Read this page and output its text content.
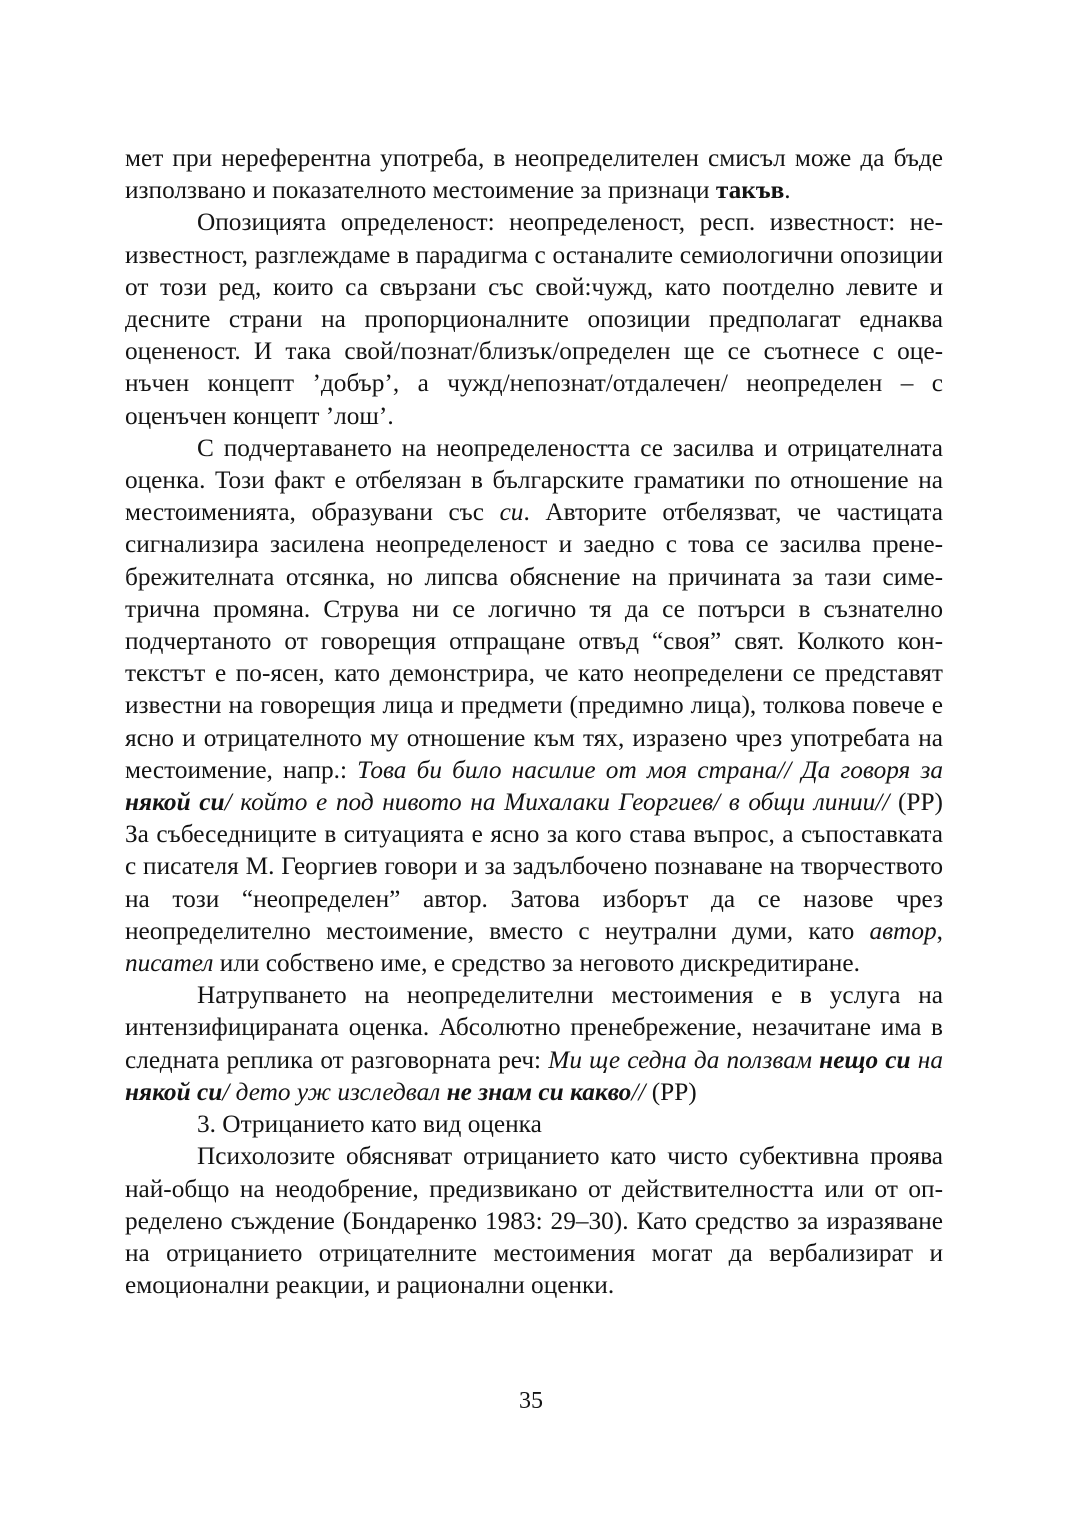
мет при нереферентна употреба, в неопределителен смисъл може да бъде използвано и показателното местоимение за признаци такъв.

Опозицията определеност: неопределеност, респ. известност: неизвестност, разглеждаме в парадигма с останалите семиологични опозиции от този ред, които са свързани със свой:чужд, като поотделно левите и десните страни на пропорционалните опозиции предполагат еднаква оцененост. И така свой/познат/близък/определен ще се съотнесе с оценъчен концепт ’добър’, а чужд/непознат/отдалечен/ неопределен – с оценъчен концепт ’лош’.

С подчертаването на неопределеността се засилва и отрицателната оценка. Този факт е отбелязан в българските граматики по отношение на местоименията, образувани със си. Авторите отбелязват, че частицата сигнализира засилена неопределеност и заедно с това се засилва пренебрежителната отсянка, но липсва обяснение на причината за тази симетрична промяна. Струва ни се логично тя да се потърси в съзнателно подчертаното от говорещия отпращане отвъд “своя” свят. Колкото контекстът е по-ясен, като демонстрира, че като неопределени се представят известни на говорещия лица и предмети (предимно лица), толкова повече е ясно и отрицателното му отношение към тях, изразено чрез употребата на местоимение, напр.: Това би било насилие от моя страна// Да говоря за някой си/ който е под нивото на Михалаки Георгиев/ в общи линии// (РР) За събеседниците в ситуацията е ясно за кого става въпрос, а съпоставката с писателя М. Георгиев говори и за задълбочено познаване на творчеството на този “неопределен” автор. Затова изборът да се назове чрез неопределително местоимение, вместо с неутрални думи, като автор, писател или собствено име, е средство за неговото дискредитиране.

Натрупването на неопределителни местоимения е в услуга на интензифицираната оценка. Абсолютно пренебрежение, незачитане има в следната реплика от разговорната реч: Ми ще седна да ползвам нещо си на някой си/ дето уж изследвал не знам си какво// (РР)

3. Отрицанието като вид оценка

Психолозите обясняват отрицанието като чисто субективна проява най-общо на неодобрение, предизвикано от действителността или от определено съждение (Бондаренко 1983: 29–30). Като средство за изразяване на отрицанието отрицателните местоимения могат да вербализират и емоционални реакции, и рационални оценки.

35
